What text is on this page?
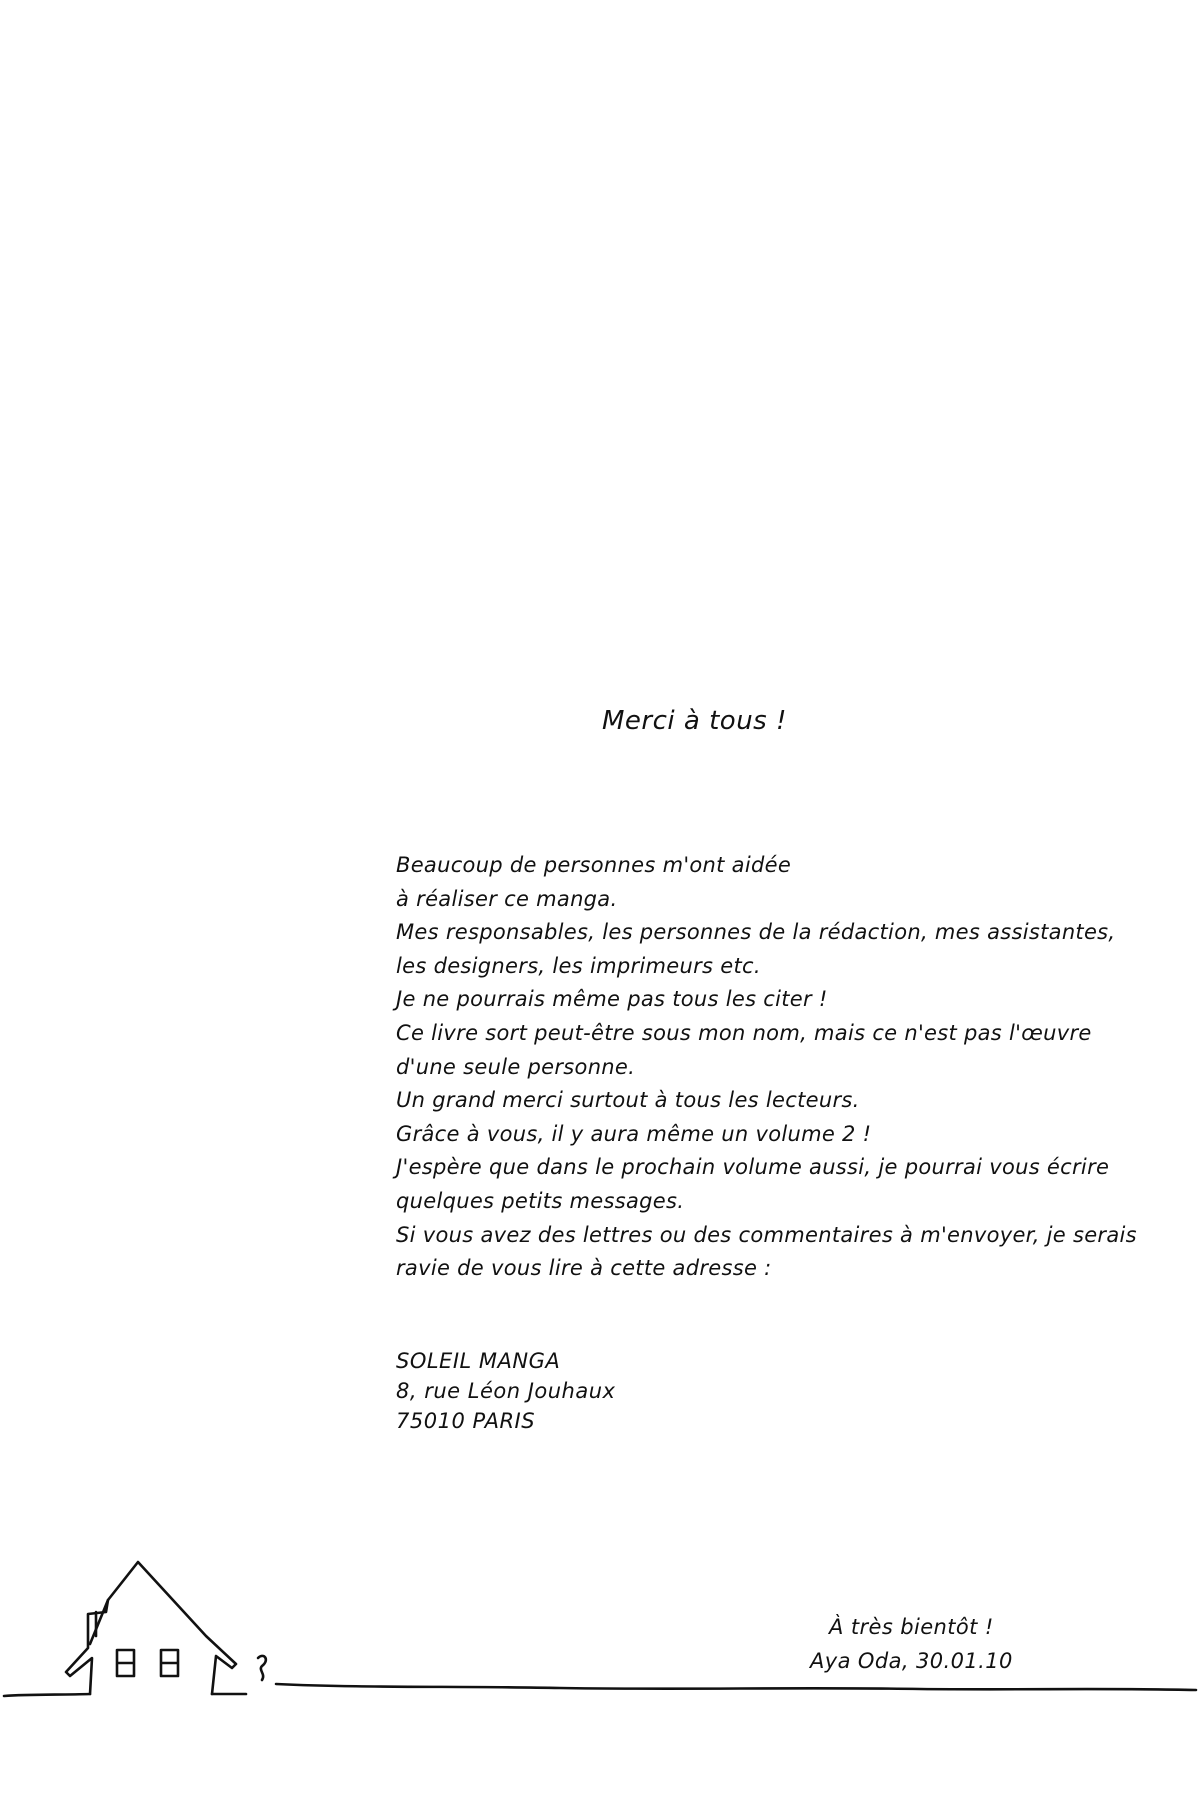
Merci à tous !
Beaucoup de personnes m'ont aidée
à réaliser ce manga.
Mes responsables, les personnes de la rédaction, mes assistantes,
les designers, les imprimeurs etc.
Je ne pourrais même pas tous les citer !
Ce livre sort peut-être sous mon nom, mais ce n'est pas l'œuvre
d'une seule personne.
Un grand merci surtout à tous les lecteurs.
Grâce à vous, il y aura même un volume 2 !
J'espère que dans le prochain volume aussi, je pourrai vous écrire
quelques petits messages.
Si vous avez des lettres ou des commentaires à m'envoyer, je serais
ravie de vous lire à cette adresse :
SOLEIL MANGA
8, rue Léon Jouhaux
75010 PARIS
À très bientôt !
Aya Oda, 30.01.10
